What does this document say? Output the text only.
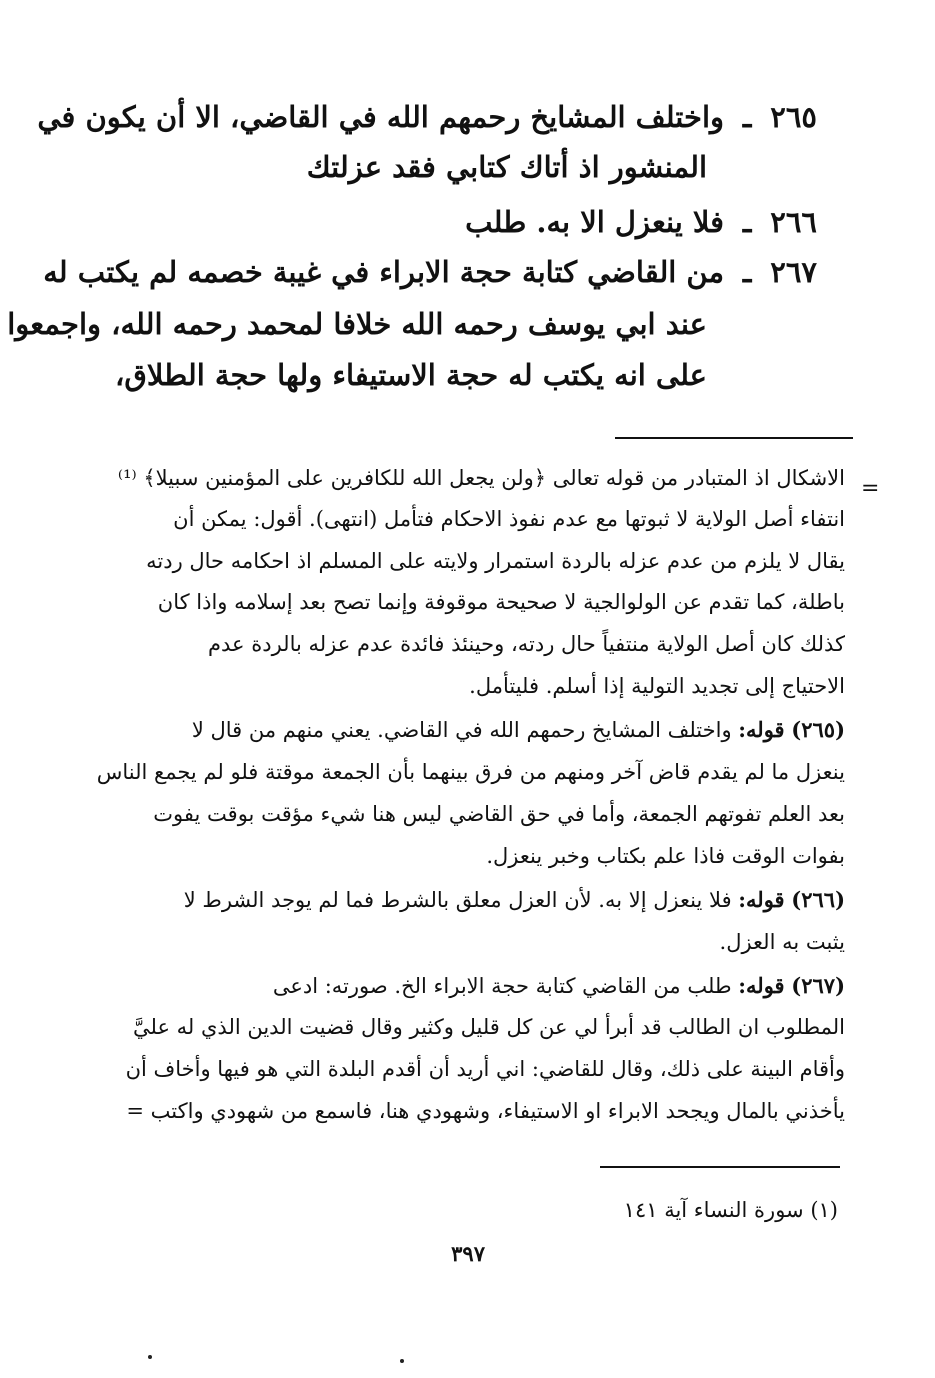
٢٦٥ ـ واختلف المشايخ رحمهم الله في القاضي، الا أن يكون في
المنشور اذ أتاك كتابي فقد عزلتك
٢٦٦ ـ فلا ينعزل الا به. طلب
٢٦٧ ـ من القاضي كتابة حجة الابراء في غيبة خصمه لم يكتب له
عند ابي يوسف رحمه الله خلافا لمحمد رحمه الله، واجمعوا
على انه يكتب له حجة الاستيفاء ولها حجة الطلاق،
=
الاشكال اذ المتبادر من قوله تعالى ﴿ولن يجعل الله للكافرين على المؤمنين سبيلا﴾ ⁽¹⁾
انتفاء أصل الولاية لا ثبوتها مع عدم نفوذ الاحكام فتأمل (انتهى). أقول: يمكن أن
يقال لا يلزم من عدم عزله بالردة استمرار ولايته على المسلم اذ احكامه حال ردته
باطلة، كما تقدم عن الولوالجية لا صحيحة موقوفة وإنما تصح بعد إسلامه واذا كان
كذلك كان أصل الولاية منتفياً حال ردته، وحينئذ فائدة عدم عزله بالردة عدم
الاحتياج إلى تجديد التولية إذا أسلم. فليتأمل.
(٢٦٥) قوله: واختلف المشايخ رحمهم الله في القاضي. يعني منهم من قال لا
ينعزل ما لم يقدم قاض آخر ومنهم من فرق بينهما بأن الجمعة موقتة فلو لم يجمع الناس
بعد العلم تفوتهم الجمعة، وأما في حق القاضي ليس هنا شيء مؤقت بوقت يفوت
بفوات الوقت فاذا علم بكتاب وخبر ينعزل.
(٢٦٦) قوله: فلا ينعزل إلا به. لأن العزل معلق بالشرط فما لم يوجد الشرط لا
يثبت به العزل.
(٢٦٧) قوله: طلب من القاضي كتابة حجة الابراء الخ. صورته: ادعى
المطلوب ان الطالب قد أبرأ لي عن كل قليل وكثير وقال قضيت الدين الذي له عليَّ
وأقام البينة على ذلك، وقال للقاضي: اني أريد أن أقدم البلدة التي هو فيها وأخاف أن
يأخذني بالمال ويجحد الابراء او الاستيفاء، وشهودي هنا، فاسمع من شهودي واكتب =
(١) سورة النساء آية ١٤١
٣٩٧
